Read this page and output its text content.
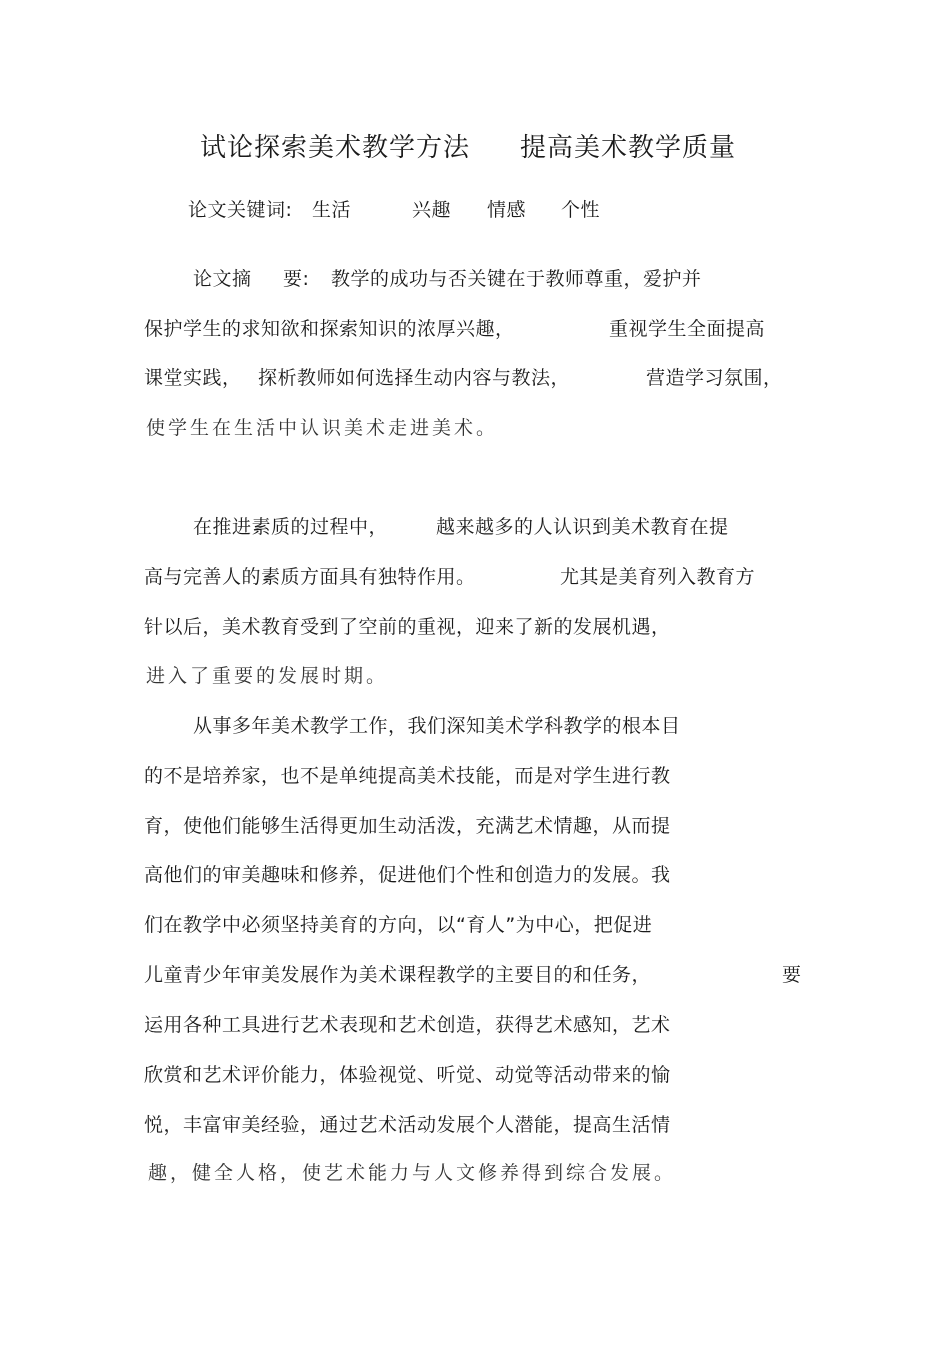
试论探索美术教学方法 提高美术教学质量
论文关键词: 生活	兴趣 情感 个性
论文摘 要: 教学的成功与否关键在于教师尊重，爱护并
保护学生的求知欲和探索知识的浓厚兴趣，	重视学生全面提高
课堂实践， 探析教师如何选择生动内容与教法，	营造学习氛围，
使学生在生活中认识美术走进美术。
在推进素质的过程中，	越来越多的人认识到美术教育在提
高与完善人的素质方面具有独特作用。	尤其是美育列入教育方
针以后，美术教育受到了空前的重视，迎来了新的发展机遇，
进入了重要的发展时期。
从事多年美术教学工作，我们深知美术学科教学的根本目
的不是培养家，也不是单纯提高美术技能，而是对学生进行教
育，使他们能够生活得更加生动活泼，充满艺术情趣，从而提
高他们的审美趣味和修养，促进他们个性和创造力的发展。我
们在教学中必须坚持美育的方向，以“育人”为中心，把促进
儿童青少年审美发展作为美术课程教学的主要目的和任务，	要
运用各种工具进行艺术表现和艺术创造，获得艺术感知，艺术
欣赏和艺术评价能力，体验视觉、听觉、动觉等活动带来的愉
悦，丰富审美经验，通过艺术活动发展个人潜能，提高生活情
趣，健全人格，使艺术能力与人文修养得到综合发展。
